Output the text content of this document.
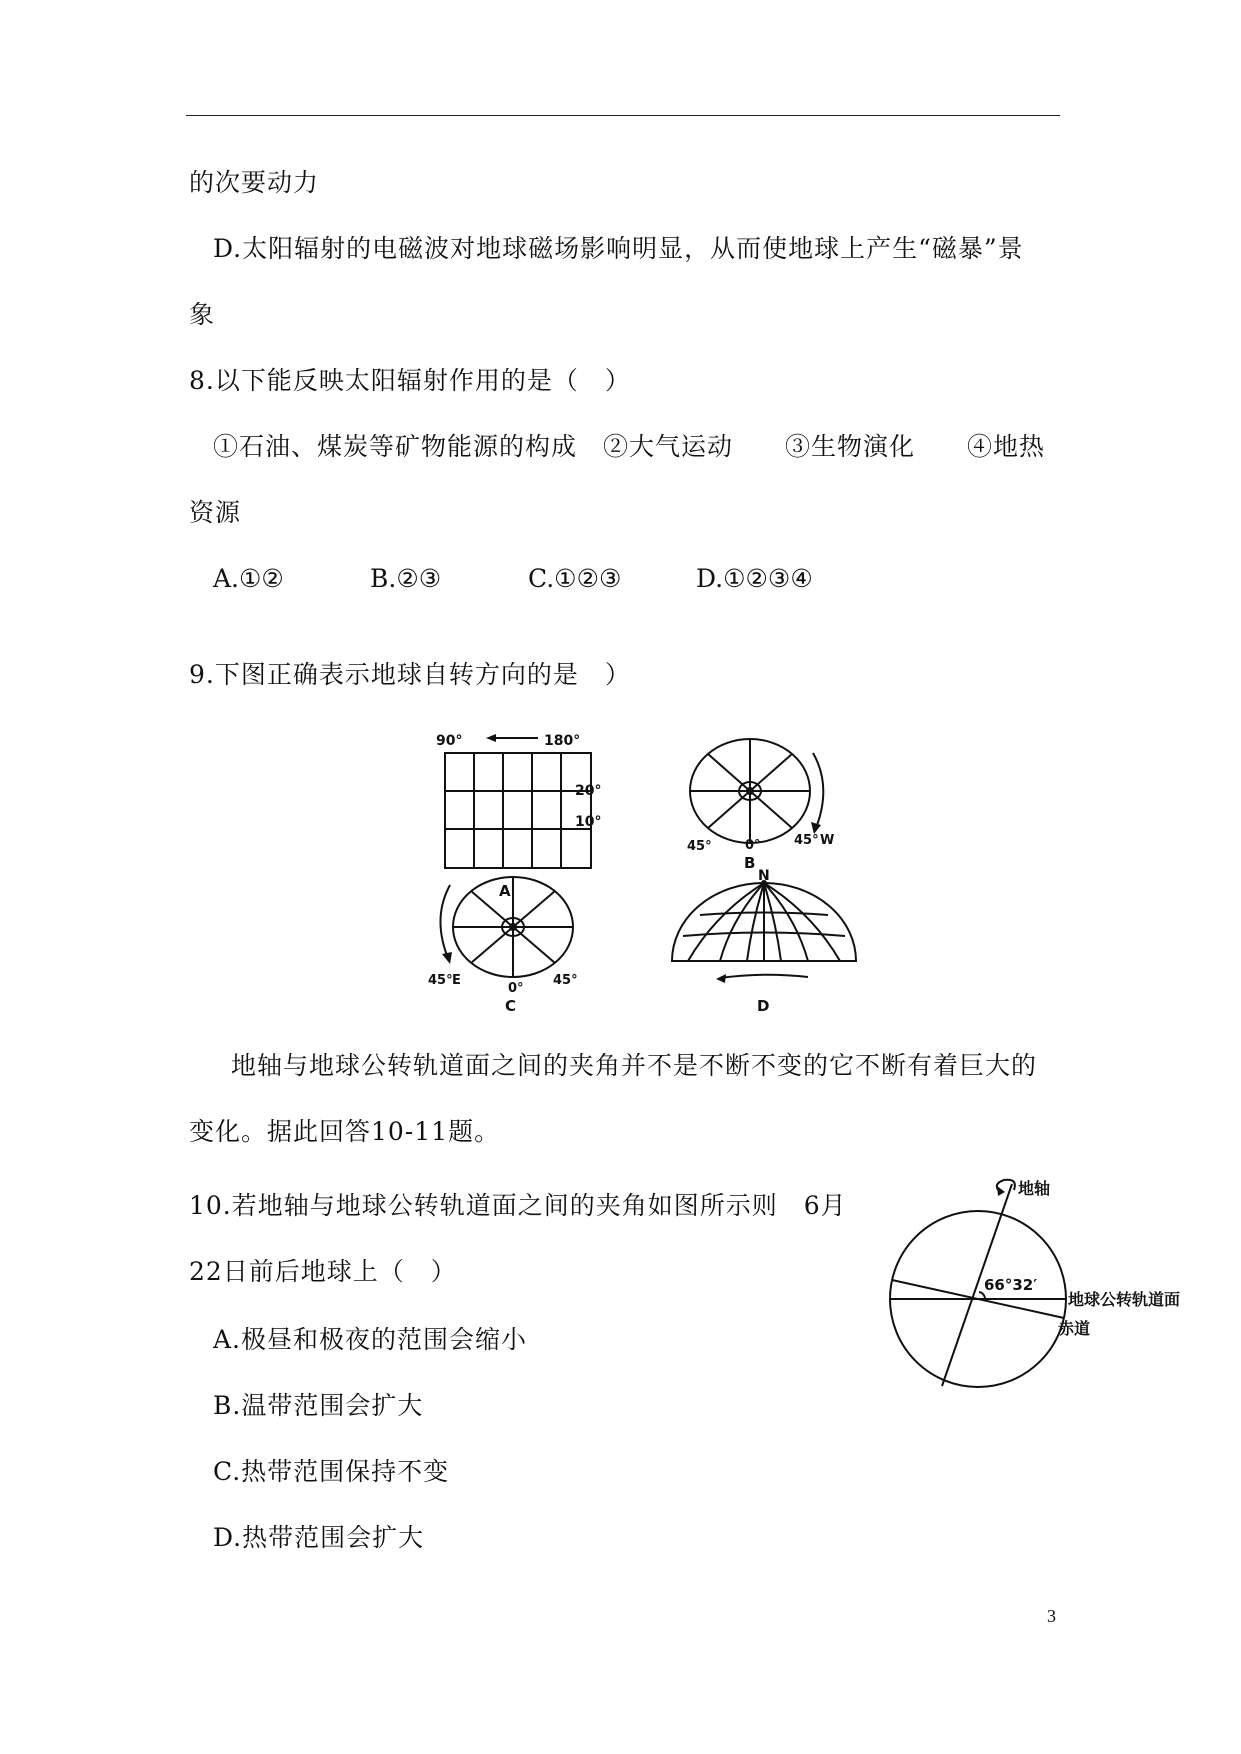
的次要动力
D.太阳辐射的电磁波对地球磁场影响明显，从而使地球上产生“磁暴”景
象
8.以下能反映太阳辐射作用的是（　）
①石油、煤炭等矿物能源的构成　②大气运动　　③生物演化　　④地热
资源
A.①②	B.②③	C.①②③	D.①②③④
9.下图正确表示地球自转方向的是　）
90°	180°
20°
10°
A
45°	0°	45° W
B
45° E
0°
45°
C
N
D
地轴与地球公转轨道面之间的夹角并不是不断不变的它不断有着巨大的
变化。据此回答10-11题。
10.若地轴与地球公转轨道面之间的夹角如图所示则　6月
22日前后地球上（　）
A.极昼和极夜的范围会缩小
B.温带范围会扩大
C.热带范围保持不变
D.热带范围会扩大
地轴
66°32′
地球公转轨道面
赤道
3
